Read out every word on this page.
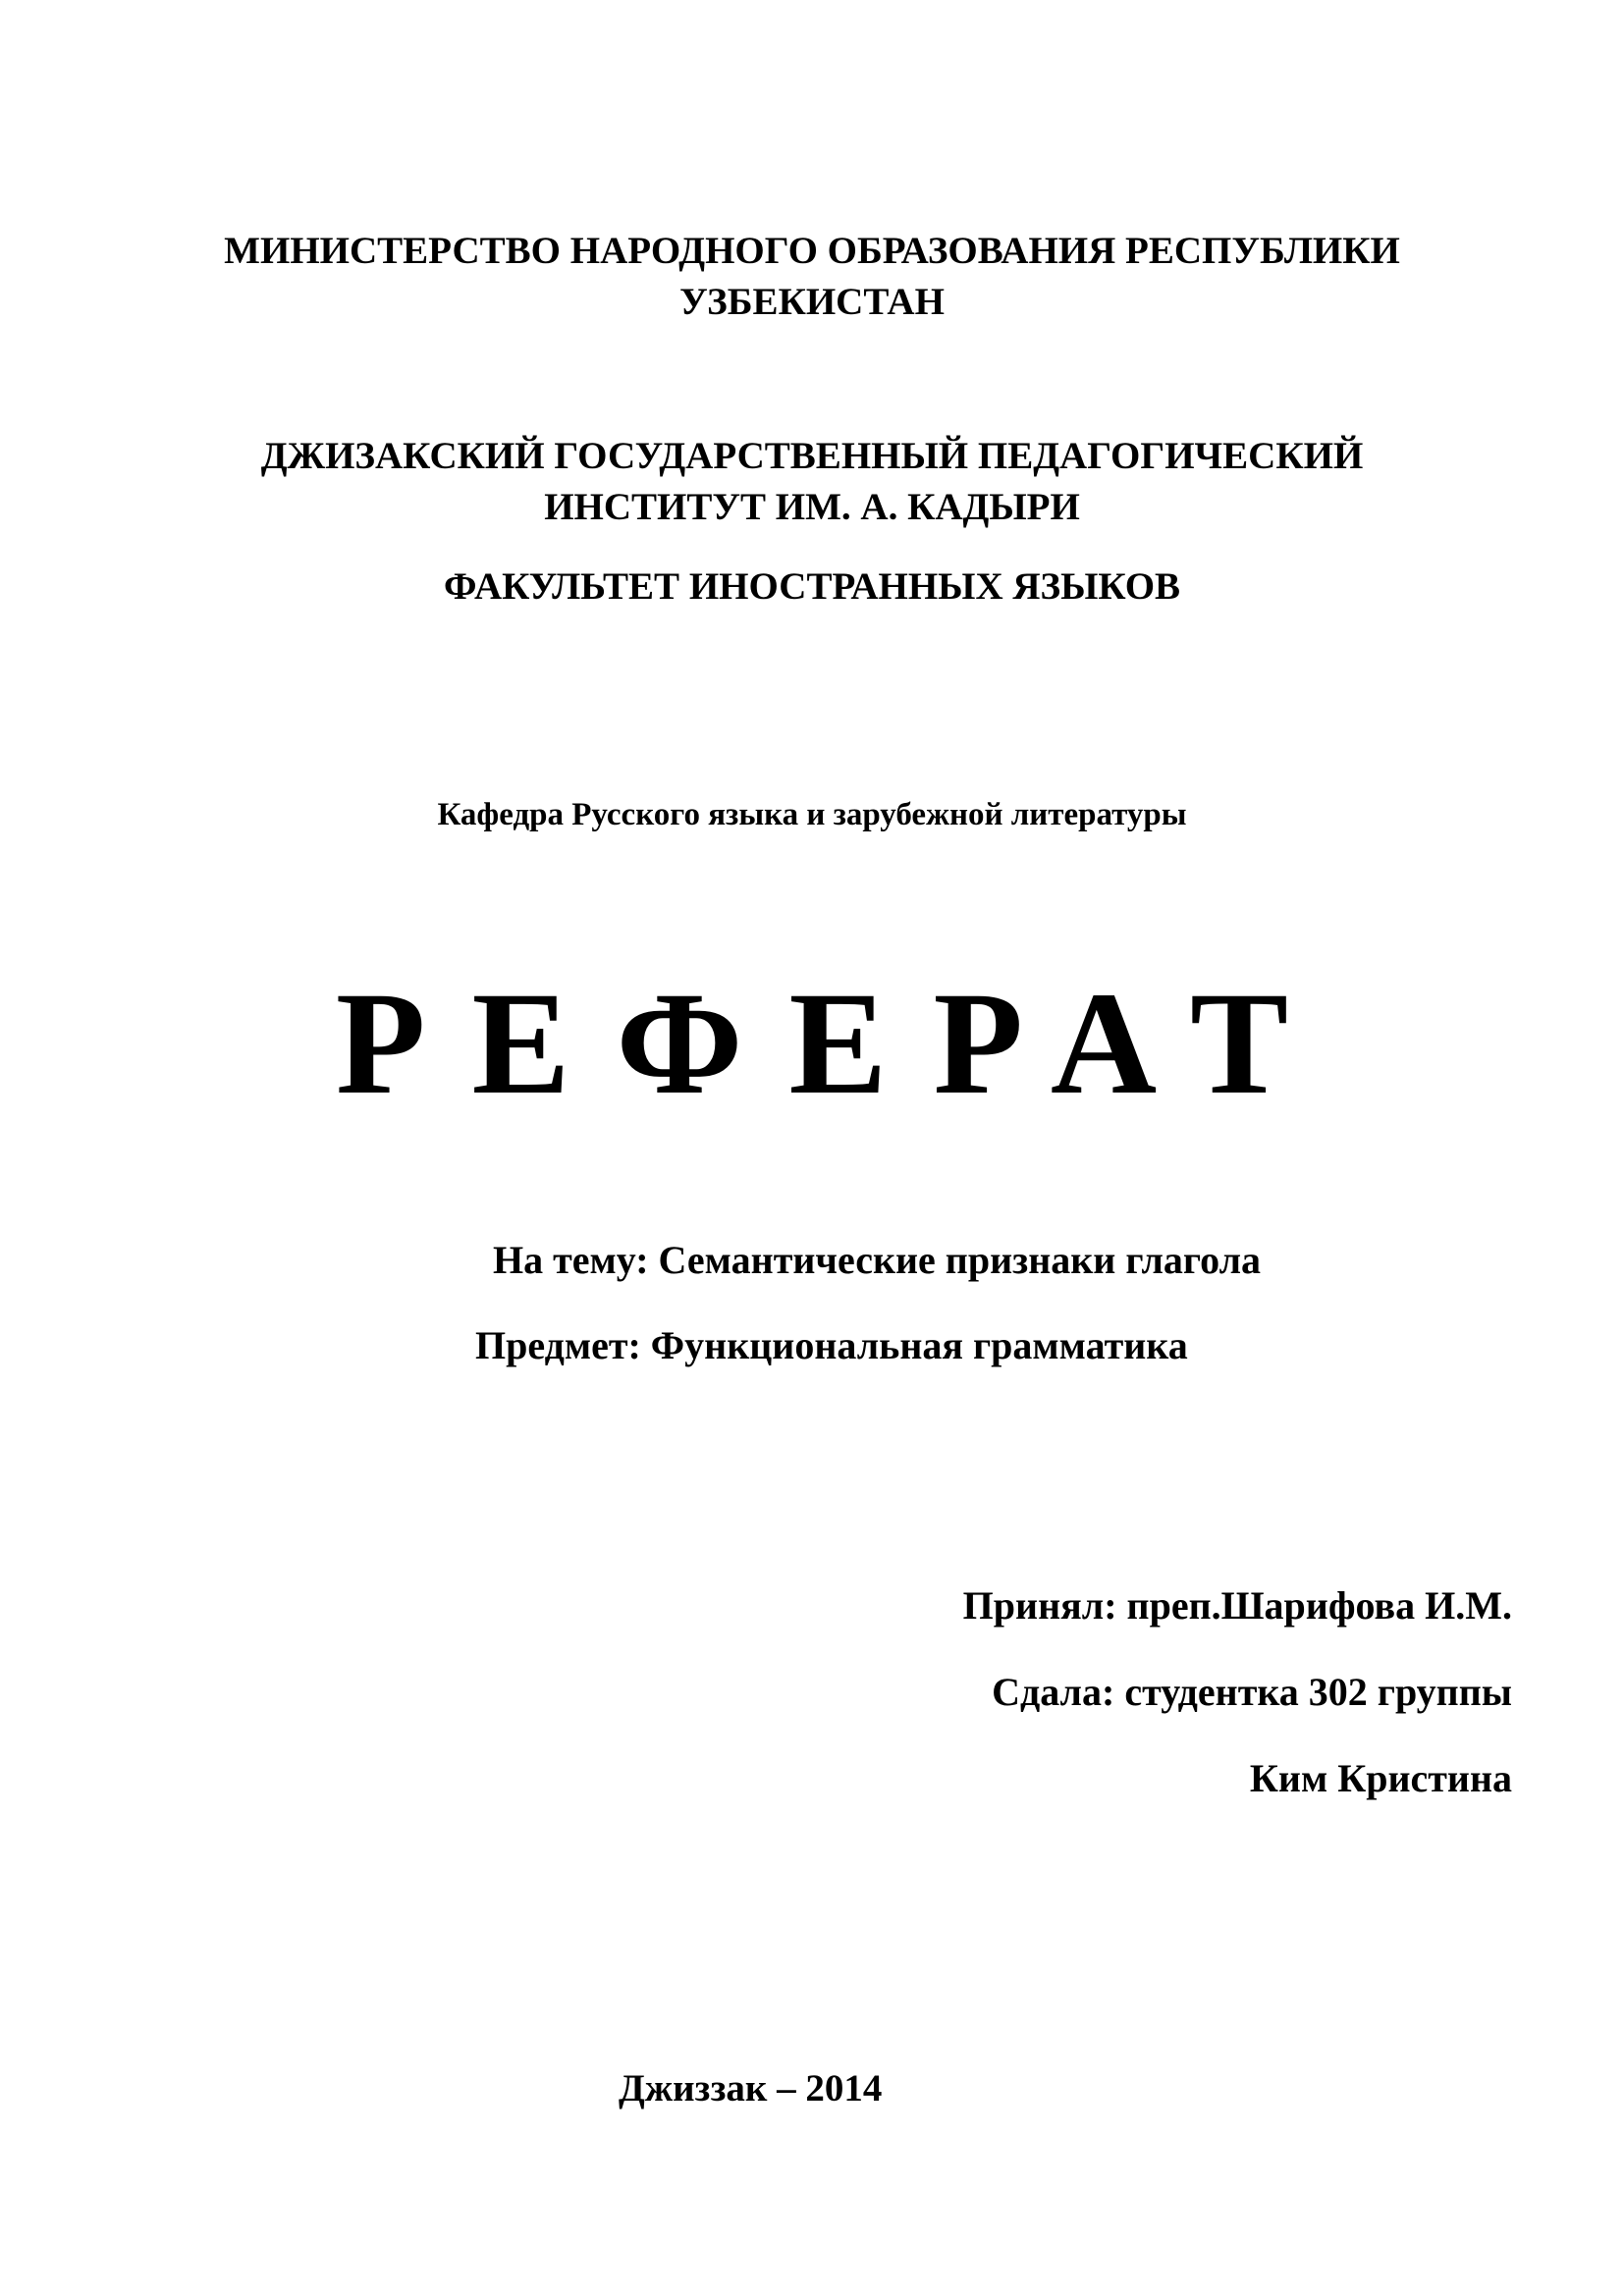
МИНИСТЕРСТВО НАРОДНОГО ОБРАЗОВАНИЯ РЕСПУБЛИКИ
УЗБЕКИСТАН
ДЖИЗАКСКИЙ ГОСУДАРСТВЕННЫЙ ПЕДАГОГИЧЕСКИЙ
ИНСТИТУТ ИМ. А. КАДЫРИ
ФАКУЛЬТЕТ ИНОСТРАННЫХ ЯЗЫКОВ
Кафедра Русского языка и зарубежной литературы
РЕФЕРАТ
На тему: Семантические признаки глагола
Предмет: Функциональная грамматика
Принял: преп.Шарифова И.М.
Сдала: студентка 302 группы
Ким Кристина
Джиззак – 2014
